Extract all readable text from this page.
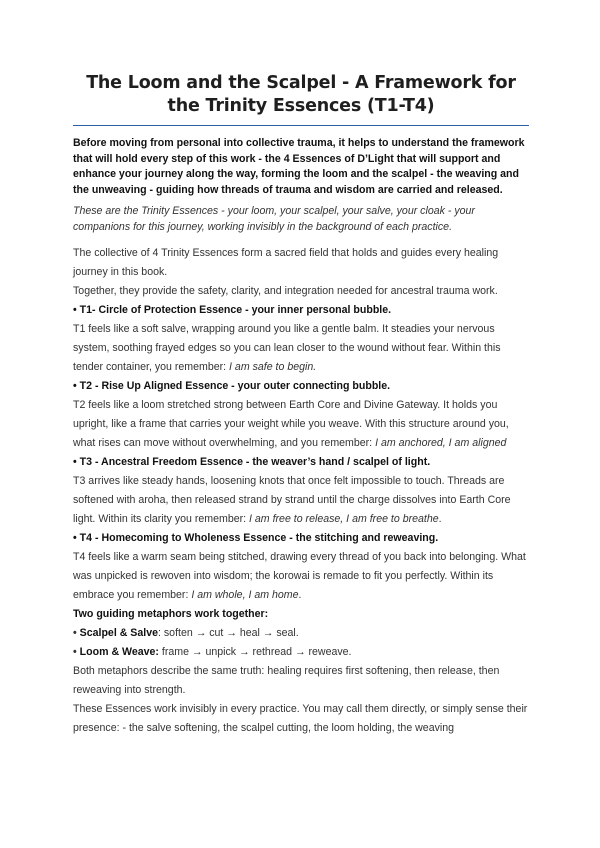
The Loom and the Scalpel - A Framework for the Trinity Essences (T1-T4)

Before moving from personal into collective trauma, it helps to understand the framework that will hold every step of this work - the 4 Essences of D’Light that will support and enhance your journey along the way, forming the loom and the scalpel - the weaving and the unweaving - guiding how threads of trauma and wisdom are carried and released.

These are the Trinity Essences - your loom, your scalpel, your salve, your cloak - your companions for this journey, working invisibly in the background of each practice.

The collective of 4 Trinity Essences form a sacred field that holds and guides every healing journey in this book.

Together, they provide the safety, clarity, and integration needed for ancestral trauma work.

• T1- Circle of Protection Essence - your inner personal bubble.

T1 feels like a soft salve, wrapping around you like a gentle balm. It steadies your nervous system, soothing frayed edges so you can lean closer to the wound without fear. Within this tender container, you remember: I am safe to begin.

• T2 - Rise Up Aligned Essence - your outer connecting bubble.

T2 feels like a loom stretched strong between Earth Core and Divine Gateway. It holds you upright, like a frame that carries your weight while you weave. With this structure around you, what rises can move without overwhelming, and you remember: I am anchored, I am aligned

• T3 - Ancestral Freedom Essence - the weaver’s hand / scalpel of light.

T3 arrives like steady hands, loosening knots that once felt impossible to touch. Threads are softened with aroha, then released strand by strand until the charge dissolves into Earth Core light. Within its clarity you remember: I am free to release, I am free to breathe.

• T4 - Homecoming to Wholeness Essence - the stitching and reweaving.

T4 feels like a warm seam being stitched, drawing every thread of you back into belonging. What was unpicked is rewoven into wisdom; the korowai is remade to fit you perfectly. Within its embrace you remember: I am whole, I am home.

Two guiding metaphors work together:

• Scalpel & Salve: soften → cut → heal → seal.

• Loom & Weave: frame → unpick → rethread → reweave.

Both metaphors describe the same truth: healing requires first softening, then release, then reweaving into strength.

These Essences work invisibly in every practice. You may call them directly, or simply sense their presence: - the salve softening, the scalpel cutting, the loom holding, the weaving
